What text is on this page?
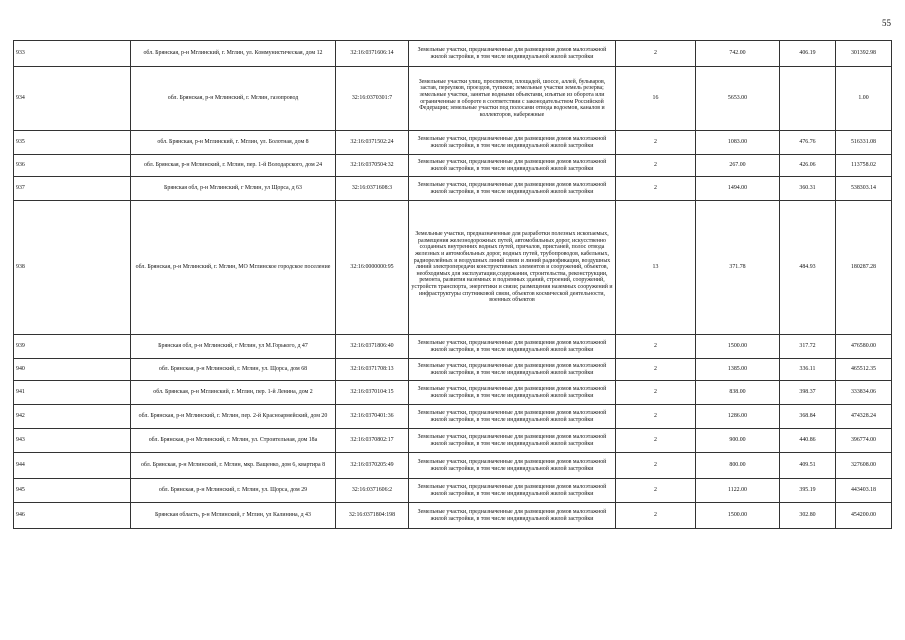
55
933	обл. Брянская, р-н Мглинский, г. Мглин, ул. Коммунистическая, дом 12	32:16:0371606:14	Земельные участки, предназначенные для размещения домов малоэтажной жилой застройки, в том числе индивидуальной жилой застройки	2	742.00	406.19	301392.98
934	обл. Брянская, р-н Мглинский, г. Мглин, газопровод	32:16:0370301:7	Земельные участки улиц, проспектов, площадей, шоссе, аллей, бульваров, застав, переулков, проездов, тупиков; земельные участки земель резерва; земельные участки, занятые водными объектами, изъятые из оборота или ограниченные в обороте в соответствии с законодательством Российской Федерации; земельные участки под полосами отвода водоемов, каналов и коллекторов, набережные	16	5653.00		1.00
935	обл. Брянская, р-н Мглинский, г. Мглин, ул. Болотная, дом 8	32:16:0371502:24	Земельные участки, предназначенные для размещения домов малоэтажной жилой застройки, в том числе индивидуальной жилой застройки	2	1083.00	476.76	516331.08
936	обл. Брянская, р-н Мглинский, г. Мглин, пер. 1-й Володарского, дом 24	32:16:0370504:32	Земельные участки, предназначенные для размещения домов малоэтажной жилой застройки, в том числе индивидуальной жилой застройки	2	267.00	426.06	113758.02
937	Брянская обл, р-н Мглинский, г Мглин, ул Щорса, д 63	32:16:0371608:3	Земельные участки, предназначенные для размещения домов малоэтажной жилой застройки, в том числе индивидуальной жилой застройки	2	1494.00	360.31	538303.14
938	обл. Брянская, р-н Мглинский, г. Мглин, МО Мглинское городское поселение	32:16:0000000:95	Земельные участки, предназначенные для разработки полезных ископаемых, размещения железнодорожных путей, автомобильных дорог, искусственно созданных внутренних водных путей, причалов, пристаней, полос отвода железных и автомобильных дорог, водных путей, трубопроводов, кабельных, радиорелейных и воздушных линий связи и линий радиофикации, воздушных линий электропередачи конструктивных элементов и сооружений, объектов, необходимых для эксплуатации,содержания, строительства, реконструкции, ремонта, развития наземных и подземных зданий, строений, сооружений, устройств транспорта, энергетики и связи; размещения наземных сооружений и инфраструктуры спутниковой связи, объектов космической деятельности, военных объектов	13	371.78	484.93	180287.28
939	Брянская обл, р-н Мглинский, г Мглин, ул М.Горького, д 47	32:16:0371806:40	Земельные участки, предназначенные для размещения домов малоэтажной жилой застройки, в том числе индивидуальной жилой застройки	2	1500.00	317.72	476580.00
940	обл. Брянская, р-н Мглинский, г. Мглин, ул. Щорса, дом 68	32:16:0371708:13	Земельные участки, предназначенные для размещения домов малоэтажной жилой застройки, в том числе индивидуальной жилой застройки	2	1385.00	336.11	465512.35
941	обл. Брянская, р-н Мглинский, г. Мглин, пер. 1-й Ленина, дом 2	32:16:0370104:15	Земельные участки, предназначенные для размещения домов малоэтажной жилой застройки, в том числе индивидуальной жилой застройки	2	838.00	398.37	333834.06
942	обл. Брянская, р-н Мглинский, г. Мглин, пер. 2-й Красноармейский, дом 20	32:16:0370401:36	Земельные участки, предназначенные для размещения домов малоэтажной жилой застройки, в том числе индивидуальной жилой застройки	2	1286.00	368.84	474328.24
943	обл. Брянская, р-н Мглинский, г. Мглин, ул. Строительная, дом 18а	32:16:0370802:17	Земельные участки, предназначенные для размещения домов малоэтажной жилой застройки, в том числе индивидуальной жилой застройки	2	900.00	440.86	396774.00
944	обл. Брянская, р-н Мглинский, г. Мглин, мкр. Ващенко, дом 6, квартира 8	32:16:0370205:49	Земельные участки, предназначенные для размещения домов малоэтажной жилой застройки, в том числе индивидуальной жилой застройки	2	800.00	409.51	327608.00
945	обл. Брянская, р-н Мглинский, г. Мглин, ул. Щорса, дом 29	32:16:0371606:2	Земельные участки, предназначенные для размещения домов малоэтажной жилой застройки, в том числе индивидуальной жилой застройки	2	1122.00	395.19	443403.18
946	Брянская область, р-н Мглинский, г Мглин, ул Калинина, д 43	32:16:0371804:198	Земельные участки, предназначенные для размещения домов малоэтажной жилой застройки, в том числе индивидуальной жилой застройки	2	1500.00	302.80	454200.00
